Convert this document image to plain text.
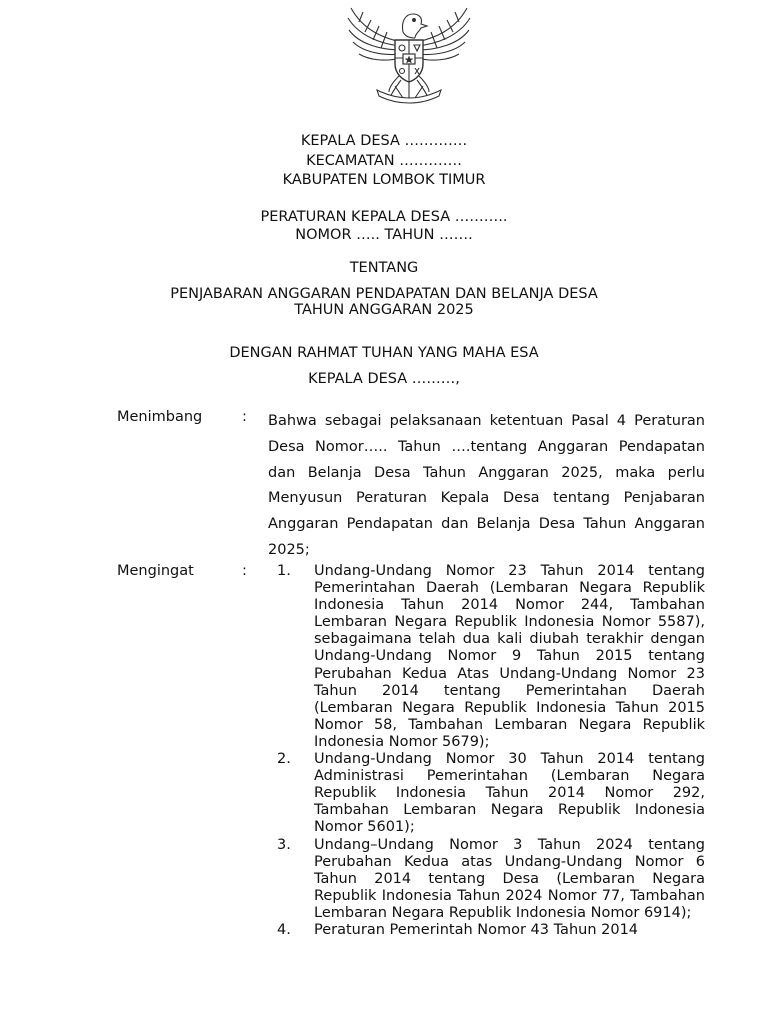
KEPALA DESA ………….

KECAMATAN ………….

KABUPATEN LOMBOK TIMUR

PERATURAN KEPALA DESA ………..

NOMOR ….. TAHUN …….

TENTANG

PENJABARAN ANGGARAN PENDAPATAN DAN BELANJA DESA

TAHUN ANGGARAN 2025

DENGAN RAHMAT TUHAN YANG MAHA ESA

KEPALA DESA ………,

Menimbang	: Bahwa sebagai pelaksanaan ketentuan Pasal 4 Peraturan Desa Nomor….. Tahun ….tentang Anggaran Pendapatan dan Belanja Desa Tahun Anggaran 2025, maka perlu Menyusun Peraturan Kepala Desa tentang Penjabaran Anggaran Pendapatan dan Belanja Desa Tahun Anggaran 2025;

Mengingat	: 1. Undang-Undang Nomor 23 Tahun 2014 tentang Pemerintahan Daerah (Lembaran Negara Republik Indonesia Tahun 2014 Nomor 244, Tambahan Lembaran Negara Republik Indonesia Nomor 5587), sebagaimana telah dua kali diubah terakhir dengan Undang-Undang Nomor 9 Tahun 2015 tentang Perubahan Kedua Atas Undang-Undang Nomor 23 Tahun 2014 tentang Pemerintahan Daerah (Lembaran Negara Republik Indonesia Tahun 2015 Nomor 58, Tambahan Lembaran Negara Republik Indonesia Nomor 5679);
2. Undang-Undang Nomor 30 Tahun 2014 tentang Administrasi Pemerintahan (Lembaran Negara Republik Indonesia Tahun 2014 Nomor 292, Tambahan Lembaran Negara Republik Indonesia Nomor 5601);
3. Undang–Undang Nomor 3 Tahun 2024 tentang Perubahan Kedua atas Undang-Undang Nomor 6 Tahun 2014 tentang Desa (Lembaran Negara Republik Indonesia Tahun 2024 Nomor 77, Tambahan Lembaran Negara Republik Indonesia Nomor 6914);
4. Peraturan Pemerintah Nomor 43 Tahun 2014
